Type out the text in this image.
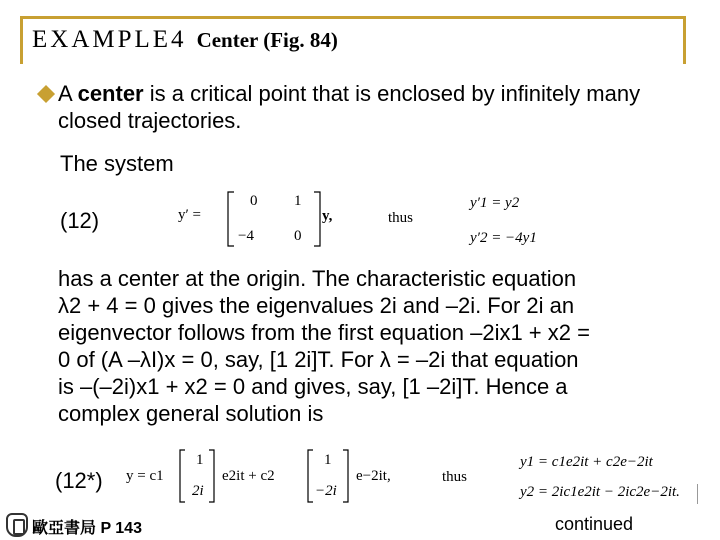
EXAMPLE4 Center (Fig. 84)
A center is a critical point that is enclosed by infinitely many closed trajectories.
The system
(12)	y′ =
0 1
−4	0
y,	thus
y′1 = y2
y′2 = −4y1
has a center at the origin. The characteristic equation
λ2 + 4 = 0 gives the eigenvalues 2i and –2i. For 2i an
eigenvector follows from the first equation –2ix1 + x2 =
0 of (A –λI)x = 0, say, [1 2i]T. For λ = –2i that equation
is –(–2i)x1 + x2 = 0 and gives, say, [1 –2i]T. Hence a
complex general solution is
(12*) y = c1
1
2i
e2it + c2
1
−2i
e−2it,	thus
y1 = c1e2it + c2e−2it
y2 = 2ic1e2it − 2ic2e−2it.
歐亞書局 P 143	continued
